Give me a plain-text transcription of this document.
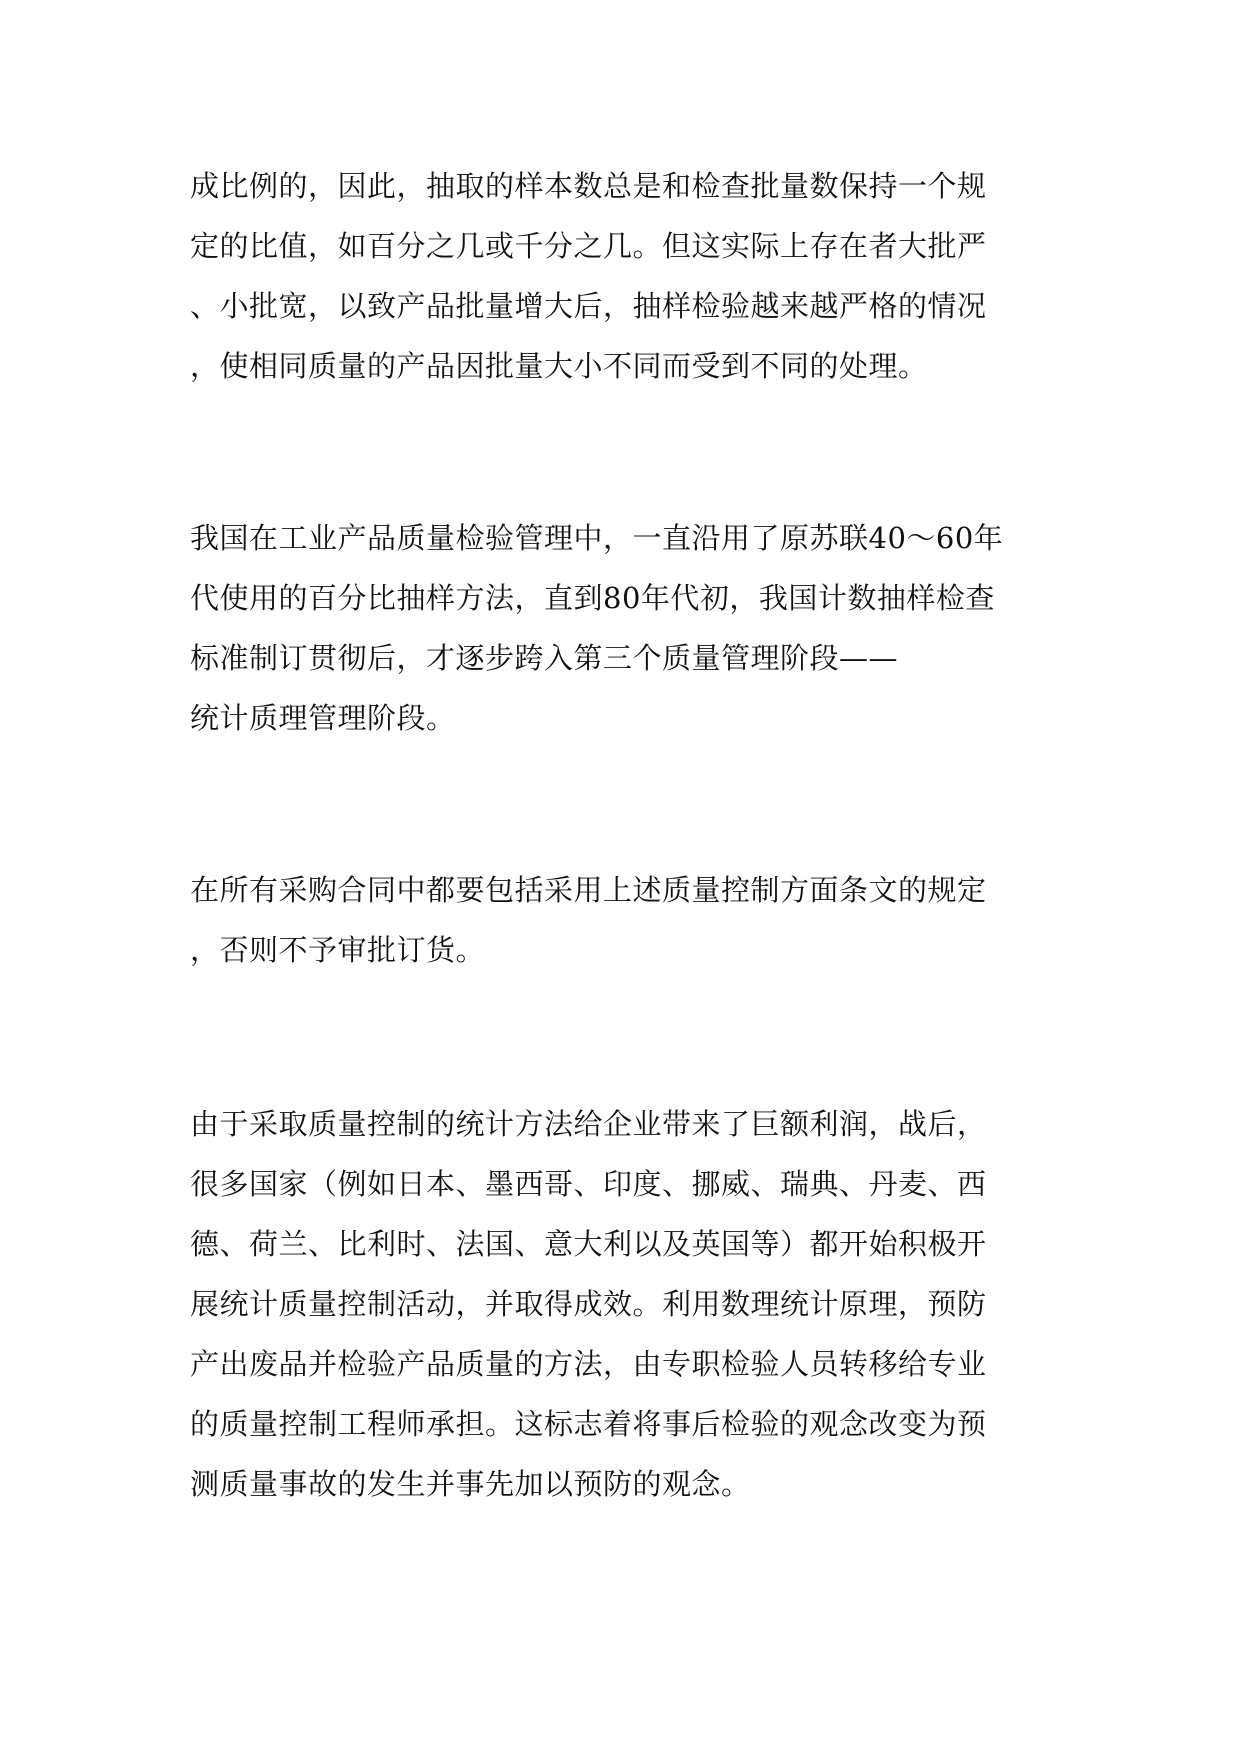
成比例的，因此，抽取的样本数总是和检查批量数保持一个规
定的比值，如百分之几或千分之几。但这实际上存在者大批严
、小批宽，以致产品批量增大后，抽样检验越来越严格的情况
，使相同质量的产品因批量大小不同而受到不同的处理。
我国在工业产品质量检验管理中，一直沿用了原苏联40～60年
代使用的百分比抽样方法，直到80年代初，我国计数抽样检查
标准制订贯彻后，才逐步跨入第三个质量管理阶段——
统计质理管理阶段。
在所有采购合同中都要包括采用上述质量控制方面条文的规定
，否则不予审批订货。
由于采取质量控制的统计方法给企业带来了巨额利润，战后，
很多国家（例如日本、墨西哥、印度、挪威、瑞典、丹麦、西
德、荷兰、比利时、法国、意大利以及英国等）都开始积极开
展统计质量控制活动，并取得成效。利用数理统计原理，预防
产出废品并检验产品质量的方法，由专职检验人员转移给专业
的质量控制工程师承担。这标志着将事后检验的观念改变为预
测质量事故的发生并事先加以预防的观念。
